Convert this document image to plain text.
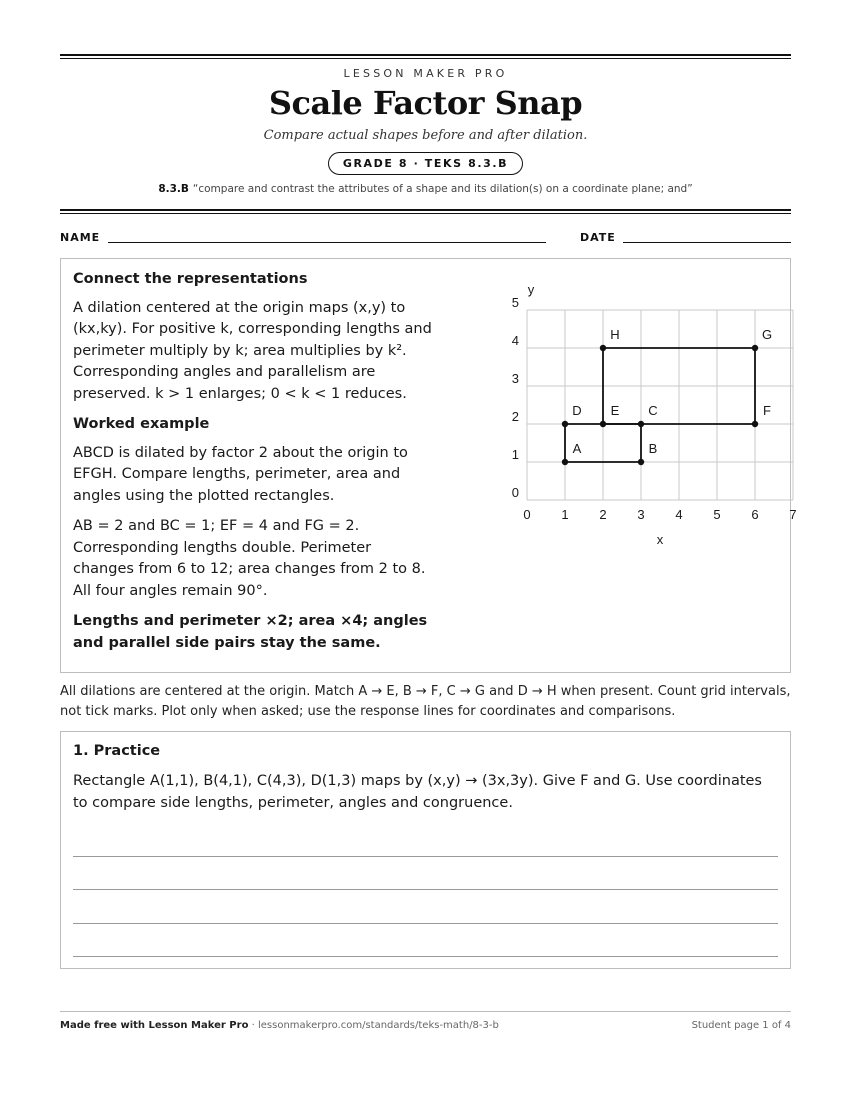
LESSON MAKER PRO
Scale Factor Snap
Compare actual shapes before and after dilation.
GRADE 8 · TEKS 8.3.B
8.3.B “compare and contrast the attributes of a shape and its dilation(s) on a coordinate plane; and”
NAME	DATE
Connect the representations

A dilation centered at the origin maps (x,y) to (kx,ky). For positive k, corresponding lengths and perimeter multiply by k; area multiplies by k². Corresponding angles and parallelism are preserved. k > 1 enlarges; 0 < k < 1 reduces.

Worked example

ABCD is dilated by factor 2 about the origin to EFGH. Compare lengths, perimeter, area and angles using the plotted rectangles.

AB = 2 and BC = 1; EF = 4 and FG = 2. Corresponding lengths double. Perimeter changes from 6 to 12; area changes from 2 to 8. All four angles remain 90°.

Lengths and perimeter ×2; area ×4; angles and parallel side pairs stay the same.

A	B
C
D E	F
G
H
0 1 2 3 4 5 6 7
0
1
2
3
4
5
x
y
All dilations are centered at the origin. Match A → E, B → F, C → G and D → H when present. Count grid intervals, not tick marks. Plot only when asked; use the response lines for coordinates and comparisons.
1. Practice
Rectangle A(1,1), B(4,1), C(4,3), D(1,3) maps by (x,y) → (3x,3y). Give F and G. Use coordinates to compare side lengths, perimeter, angles and congruence.
Made free with Lesson Maker Pro · lessonmakerpro.com/standards/teks-math/8-3-b	Student page 1 of 4
